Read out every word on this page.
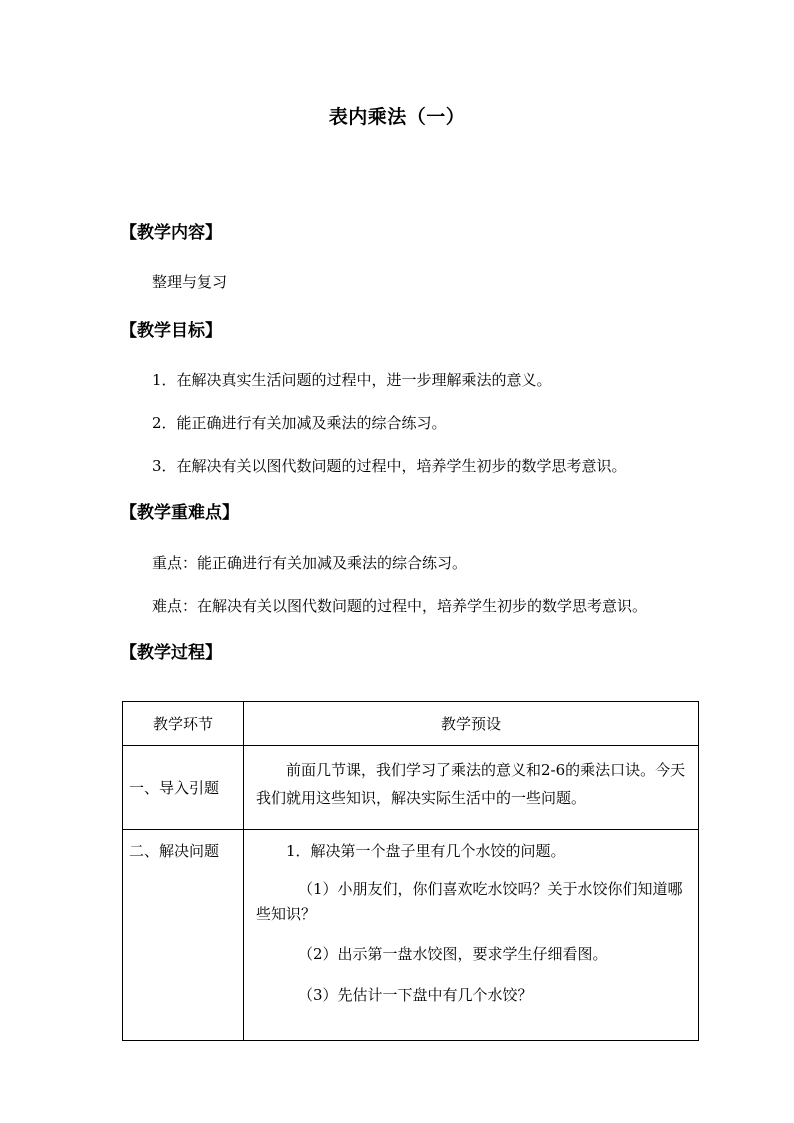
表内乘法（一）
【教学内容】
整理与复习
【教学目标】
1．在解决真实生活问题的过程中，进一步理解乘法的意义。
2．能正确进行有关加减及乘法的综合练习。
3．在解决有关以图代数问题的过程中，培养学生初步的数学思考意识。
【教学重难点】
重点：能正确进行有关加减及乘法的综合练习。
难点：在解决有关以图代数问题的过程中，培养学生初步的数学思考意识。
【教学过程】
教学环节	教学预设
一、导入引题	前面几节课，我们学习了乘法的意义和2-6的乘法口诀。今天我们就用这些知识，解决实际生活中的一些问题。
二、解决问题	1．解决第一个盘子里有几个水饺的问题。

（1）小朋友们，你们喜欢吃水饺吗？关于水饺你们知道哪些知识？

（2）出示第一盘水饺图，要求学生仔细看图。

（3）先估计一下盘中有几个水饺？
